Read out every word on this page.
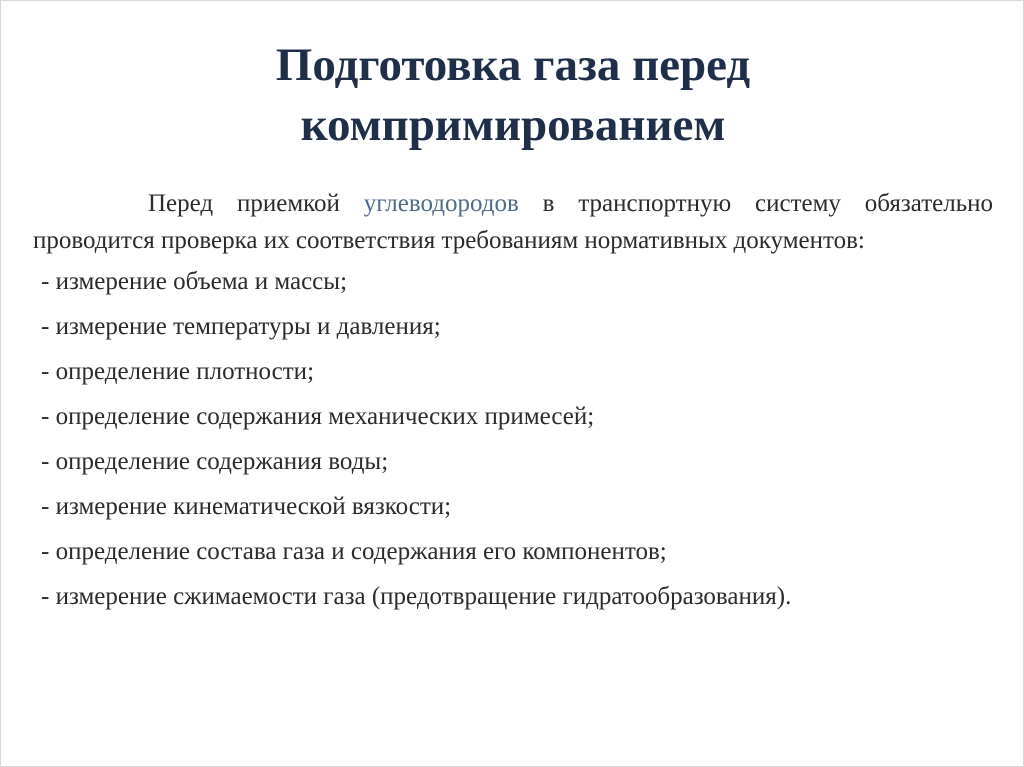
Подготовка газа перед
компримированием

Перед приемкой углеводородов в транспортную систему обязательно проводится проверка их соответствия требованиям нормативных документов:

- измерение объема и массы;
- измерение температуры и давления;
- определение плотности;
- определение содержания механических примесей;
- определение содержания воды;
- измерение кинематической вязкости;
- определение состава газа и содержания его компонентов;
- измерение сжимаемости газа (предотвращение гидратообразования).
